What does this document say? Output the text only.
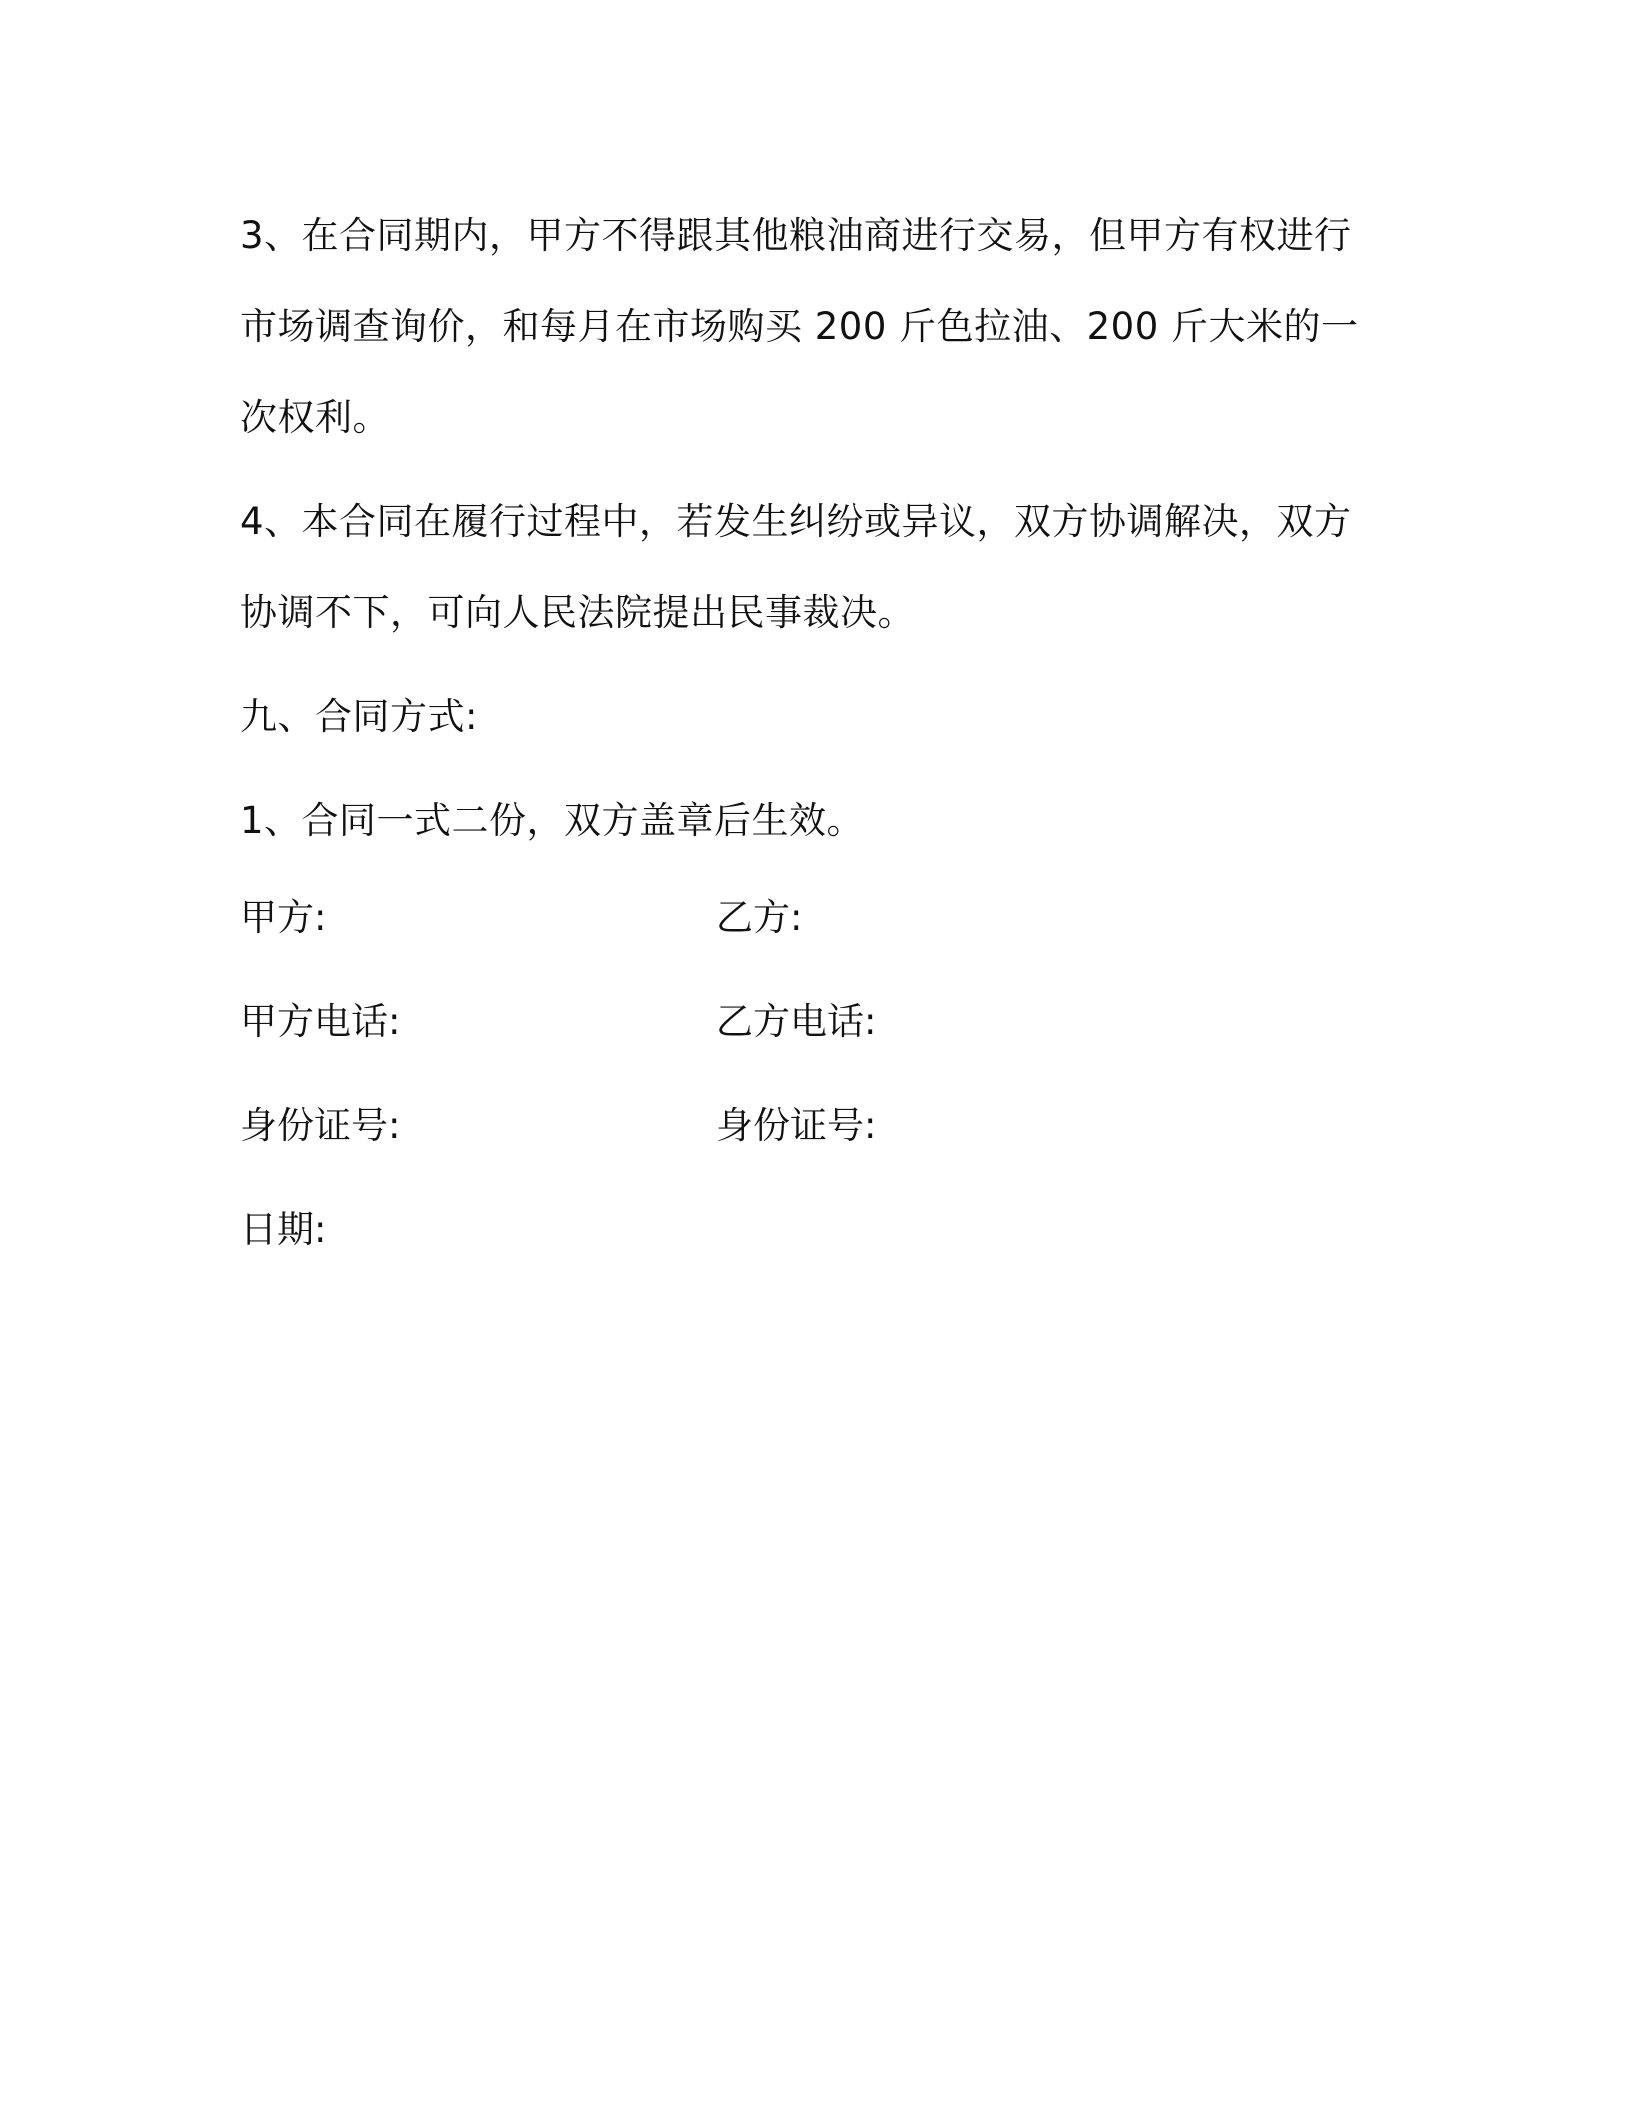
3、在合同期内，甲方不得跟其他粮油商进行交易，但甲方有权进行市场调查询价，和每月在市场购买 200 斤色拉油、200 斤大米的一次权利。

4、本合同在履行过程中，若发生纠纷或异议，双方协调解决，双方协调不下，可向人民法院提出民事裁决。

九、合同方式:

1、合同一式二份，双方盖章后生效。

甲方:	乙方:
甲方电话:	乙方电话:
身份证号:	身份证号:
日期:
